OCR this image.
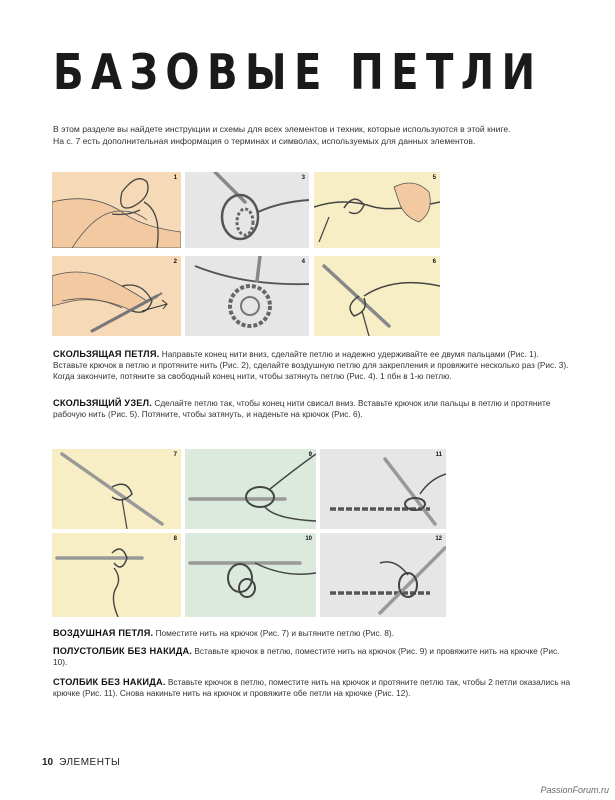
БАЗОВЫЕ ПЕТЛИ

В этом разделе вы найдете инструкции и схемы для всех элементов и техник, которые используются в этой книге.
На с. 7 есть дополнительная информация о терминах и символах, используемых для данных элементов.

1
2
3
4
5
6

СКОЛЬЗЯЩАЯ ПЕТЛЯ. Направьте конец нити вниз, сделайте петлю и надежно удерживайте ее двумя пальцами (Рис. 1). Вставьте крючок в петлю и протяните нить (Рис. 2), сделайте воздушную петлю для закрепления и провяжите несколько раз (Рис. 3). Когда закончите, потяните за свободный конец нити, чтобы затянуть петлю (Рис. 4). 1 пбн в 1-ю петлю.

СКОЛЬЗЯЩИЙ УЗЕЛ. Сделайте петлю так, чтобы конец нити свисал вниз. Вставьте крючок или пальцы в петлю и протяните рабочую нить (Рис. 5). Потяните, чтобы затянуть, и наденьте на крючок (Рис. 6).

7
8
9
10
11
12

ВОЗДУШНАЯ ПЕТЛЯ. Поместите нить на крючок (Рис. 7) и вытяните петлю (Рис. 8).

ПОЛУСТОЛБИК БЕЗ НАКИДА. Вставьте крючок в петлю, поместите нить на крючок (Рис. 9) и провяжите нить на крючке (Рис. 10).

СТОЛБИК БЕЗ НАКИДА. Вставьте крючок в петлю, поместите нить на крючок и протяните петлю так, чтобы 2 петли оказались на крючке (Рис. 11). Снова накиньте нить на крючок и провяжите обе петли на крючке (Рис. 12).

10 ЭЛЕМЕНТЫ
PassionForum.ru
